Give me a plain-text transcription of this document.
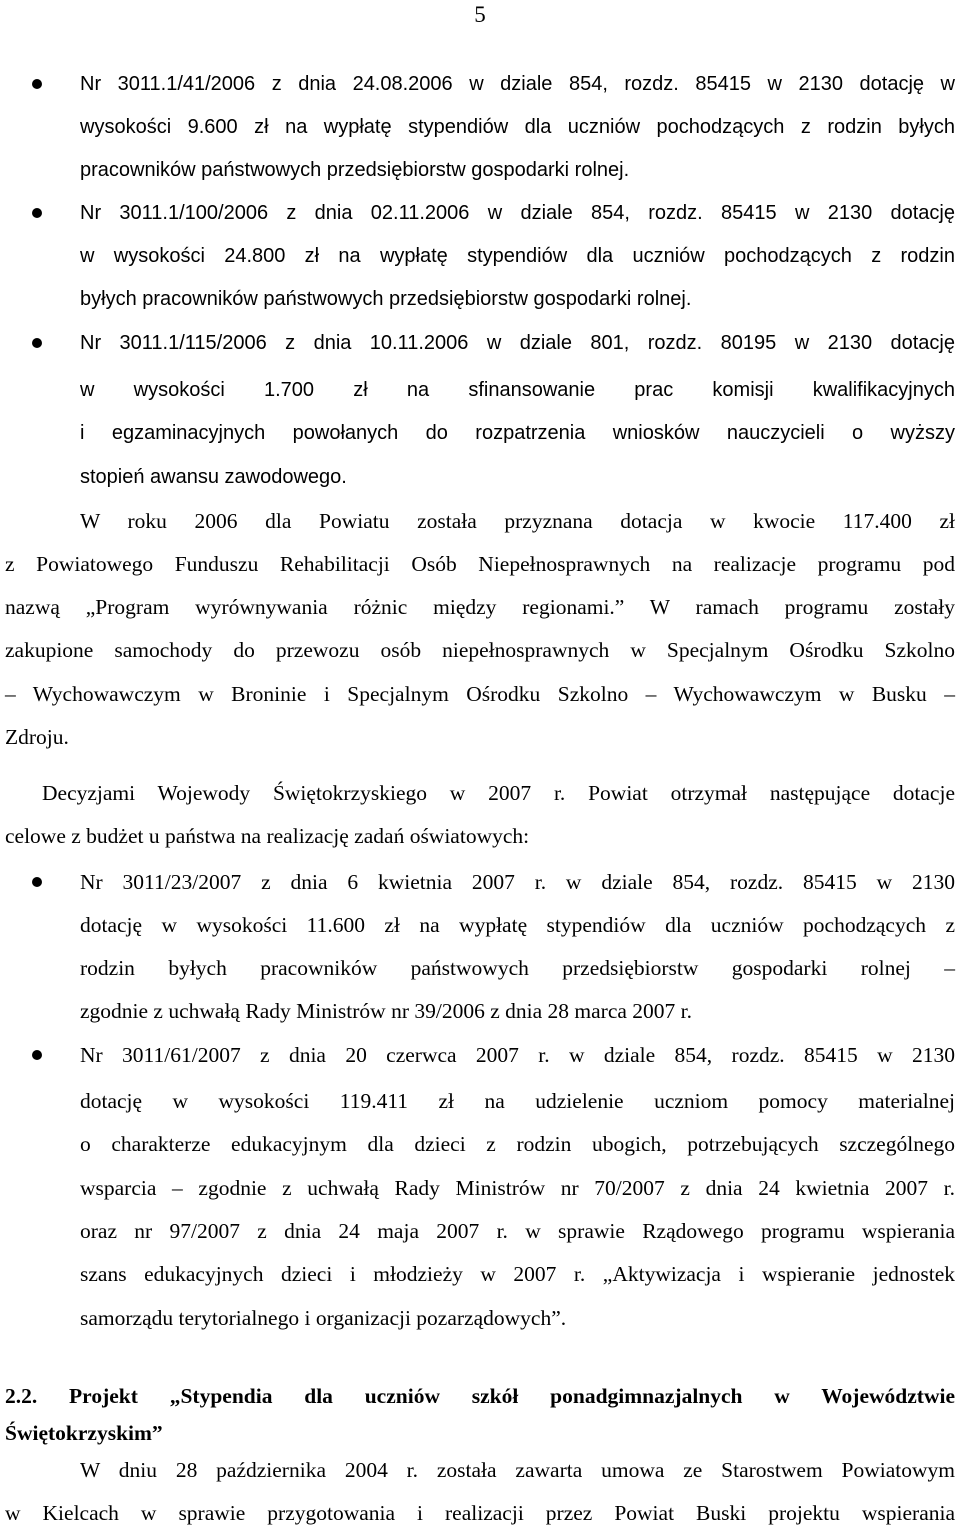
5
Nr 3011.1/41/2006 z dnia 24.08.2006 w dziale 854, rozdz. 85415 w 2130 dotację w
wysokości 9.600 zł na wypłatę stypendiów dla uczniów pochodzących z rodzin byłych
pracowników państwowych przedsiębiorstw gospodarki rolnej.
Nr 3011.1/100/2006 z dnia 02.11.2006 w dziale 854, rozdz. 85415 w 2130 dotację
w wysokości 24.800 zł na wypłatę stypendiów dla uczniów pochodzących z rodzin
byłych pracowników państwowych przedsiębiorstw gospodarki rolnej.
Nr 3011.1/115/2006 z dnia 10.11.2006 w dziale 801, rozdz. 80195 w 2130 dotację
w wysokości 1.700 zł na sfinansowanie prac komisji kwalifikacyjnych
i egzaminacyjnych powołanych do rozpatrzenia wniosków nauczycieli o wyższy
stopień awansu zawodowego.
W roku 2006 dla Powiatu została przyznana dotacja w kwocie 117.400 zł
z Powiatowego Funduszu Rehabilitacji Osób Niepełnosprawnych na realizacje programu pod
nazwą „Program wyrównywania różnic między regionami.” W ramach programu zostały
zakupione samochody do przewozu osób niepełnosprawnych w Specjalnym Ośrodku Szkolno
– Wychowawczym w Broninie i Specjalnym Ośrodku Szkolno – Wychowawczym w Busku –
Zdroju.
Decyzjami Wojewody Świętokrzyskiego w 2007 r. Powiat otrzymał następujące dotacje
celowe z budżet u państwa na realizację zadań oświatowych:
Nr 3011/23/2007 z dnia 6 kwietnia 2007 r. w dziale 854, rozdz. 85415 w 2130
dotację w wysokości 11.600 zł na wypłatę stypendiów dla uczniów pochodzących z
rodzin byłych pracowników państwowych przedsiębiorstw gospodarki rolnej –
zgodnie z uchwałą Rady Ministrów nr 39/2006 z dnia 28 marca 2007 r.
Nr 3011/61/2007 z dnia 20 czerwca 2007 r. w dziale 854, rozdz. 85415 w 2130
dotację w wysokości 119.411 zł na udzielenie uczniom pomocy materialnej
o charakterze edukacyjnym dla dzieci z rodzin ubogich, potrzebujących szczególnego
wsparcia – zgodnie z uchwałą Rady Ministrów nr 70/2007 z dnia 24 kwietnia 2007 r.
oraz nr 97/2007 z dnia 24 maja 2007 r. w sprawie Rządowego programu wspierania
szans edukacyjnych dzieci i młodzieży w 2007 r. „Aktywizacja i wspieranie jednostek
samorządu terytorialnego i organizacji pozarządowych”.
2.2. Projekt „Stypendia dla uczniów szkół ponadgimnazjalnych w Województwie
Świętokrzyskim”
W dniu 28 października 2004 r. została zawarta umowa ze Starostwem Powiatowym
w Kielcach w sprawie przygotowania i realizacji przez Powiat Buski projektu wspierania
